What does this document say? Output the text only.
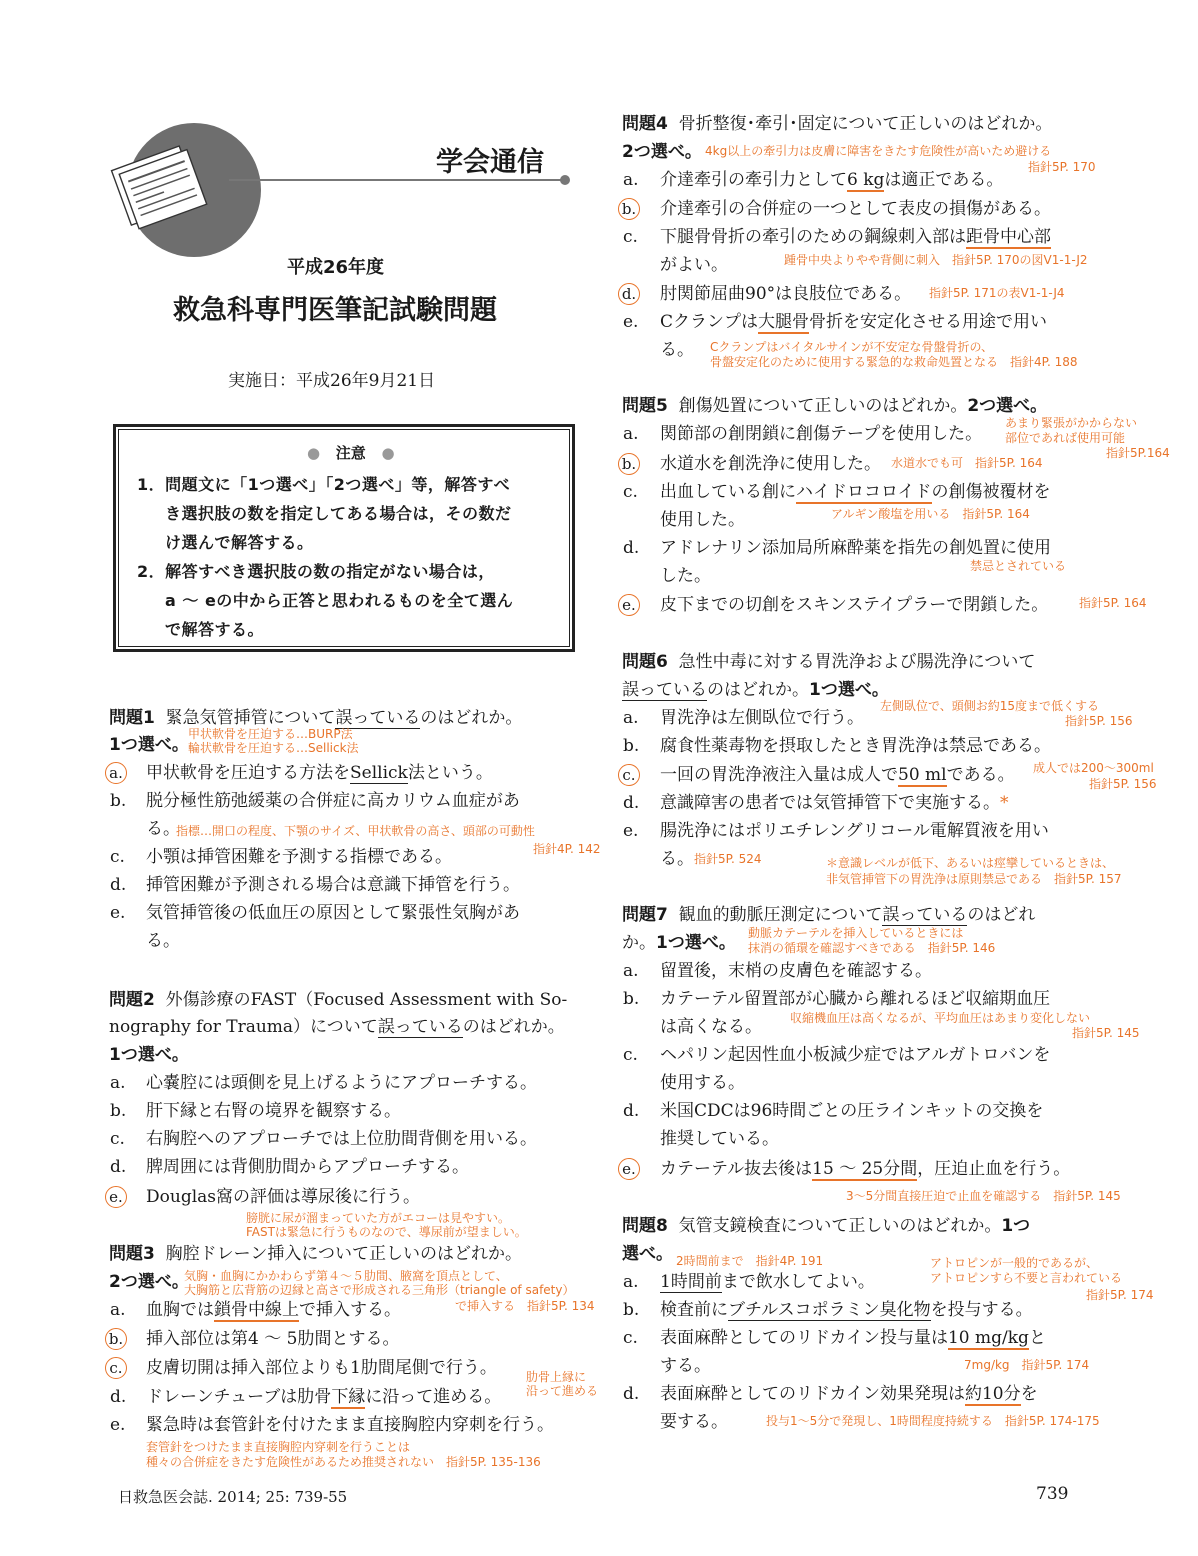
学会通信
平成26年度
救急科専門医筆記試験問題
実施日：平成26年9月21日
● 注意 ●
1．問題文に「1つ選べ」「2つ選べ」等，解答すべ
き選択肢の数を指定してある場合は，その数だ
け選んで解答する。
2．解答すべき選択肢の数の指定がない場合は，
a ～ eの中から正答と思われるものを全て選ん
で解答する。
問題1 緊急気管挿管について誤っているのはどれか。
1つ選べ。
甲状軟骨を圧迫する…BURP法
輪状軟骨を圧迫する…Sellick法
a. 甲状軟骨を圧迫する方法をSellick法という。
b. 脱分極性筋弛緩薬の合併症に高カリウム血症があ
る。
指標…開口の程度、下顎のサイズ、甲状軟骨の高さ、頭部の可動性
指針4P. 142
c. 小顎は挿管困難を予測する指標である。
d. 挿管困難が予測される場合は意識下挿管を行う。
e. 気管挿管後の低血圧の原因として緊張性気胸があ
る。
問題2 外傷診療のFAST（Focused Assessment with So-
nography for Trauma）について誤っているのはどれか。
1つ選べ。
a. 心嚢腔には頭側を見上げるようにアプローチする。
b. 肝下縁と右腎の境界を観察する。
c. 右胸腔へのアプローチでは上位肋間背側を用いる。
d. 脾周囲には背側肋間からアプローチする。
e. Douglas窩の評価は導尿後に行う。
膀胱に尿が溜まっていた方がエコーは見やすい。
FASTは緊急に行うものなので、導尿前が望ましい。
問題3 胸腔ドレーン挿入について正しいのはどれか。
2つ選べ。
気胸・血胸にかかわらず第４～５肋間、腋窩を頂点として、
大胸筋と広背筋の辺縁と高さで形成される三角形（triangle of safety）
で挿入する　指針5P. 134
a. 血胸では鎖骨中線上で挿入する。
b. 挿入部位は第4 ～ 5肋間とする。
c. 皮膚切開は挿入部位よりも1肋間尾側で行う。 肋骨上縁に
沿って進める
d. ドレーンチューブは肋骨下縁に沿って進める。
e. 緊急時は套管針を付けたまま直接胸腔内穿刺を行う。
套管針をつけたまま直接胸腔内穿刺を行うことは
種々の合併症をきたす危険性があるため推奨されない　指針5P. 135-136
日救急医会誌. 2014; 25: 739-55	739
問題4 骨折整復･牽引･固定について正しいのはどれか。
2つ選べ。 4kg以上の牽引力は皮膚に障害をきたす危険性が高いため避ける
指針5P. 170
a. 介達牽引の牽引力として6 kgは適正である。
b. 介達牽引の合併症の一つとして表皮の損傷がある。
c. 下腿骨骨折の牽引のための鋼線刺入部は距骨中心部
がよい。	踵骨中央よりやや背側に刺入　指針5P. 170の図V1-1-J2
d. 肘関節屈曲90°は良肢位である。 指針5P. 171の表V1-1-J4
e. Cクランプは大腿骨骨折を安定化させる用途で用い
る。 Cクランプはバイタルサインが不安定な骨盤骨折の、
骨盤安定化のために使用する緊急的な救命処置となる　指針4P. 188
問題5 創傷処置について正しいのはどれか。2つ選べ。
a. 関節部の創閉鎖に創傷テープを使用した。
あまり緊張がかからない
部位であれば使用可能
指針5P.164
b. 水道水を創洗浄に使用した。 水道水でも可　指針5P. 164
c. 出血している創にハイドロコロイドの創傷被覆材を
使用した。	アルギン酸塩を用いる　指針5P. 164
d. アドレナリン添加局所麻酔薬を指先の創処置に使用
した。	禁忌とされている
e. 皮下までの切創をスキンステイプラーで閉鎖した。	指針5P. 164
問題6 急性中毒に対する胃洗浄および腸洗浄について
誤っているのはどれか。1つ選べ。
a. 胃洗浄は左側臥位で行う。
左側臥位で、頭側お約15度まで低くする
指針5P. 156
b. 腐食性薬毒物を摂取したとき胃洗浄は禁忌である。
c. 一回の胃洗浄液注入量は成人で50 mlである。 成人では200～300ml
指針5P. 156
d. 意識障害の患者では気管挿管下で実施する。*
e. 腸洗浄にはポリエチレングリコール電解質液を用い
る。 指針5P. 524	＊意識レベルが低下、あるいは痙攣しているときは、
非気管挿管下の胃洗浄は原則禁忌である　指針5P. 157
問題7 観血的動脈圧測定について誤っているのはどれ
か。1つ選べ。 動脈カテーテルを挿入しているときには
抹消の循環を確認すべきである　指針5P. 146
a. 留置後，末梢の皮膚色を確認する。
b. カテーテル留置部が心臓から離れるほど収縮期血圧
は高くなる。 収縮機血圧は高くなるが、平均血圧はあまり変化しない
指針5P. 145
c. ヘパリン起因性血小板減少症ではアルガトロバンを
使用する。
d. 米国CDCは96時間ごとの圧ラインキットの交換を
推奨している。
e. カテーテル抜去後は15 ～ 25分間，圧迫止血を行う。
3～5分間直接圧迫で止血を確認する　指針5P. 145
問題8 気管支鏡検査について正しいのはどれか。1つ
選べ。 2時間前まで　指針4P. 191	アトロピンが一般的であるが、
アトロピンすら不要と言われている
指針5P. 174
a. 1時間前まで飲水してよい。
b. 検査前にブチルスコポラミン臭化物を投与する。
c. 表面麻酔としてのリドカイン投与量は10 mg/kgと
する。	7mg/kg　指針5P. 174
d. 表面麻酔としてのリドカイン効果発現は約10分を
要する。	投与1～5分で発現し、1時間程度持続する　指針5P. 174-175
